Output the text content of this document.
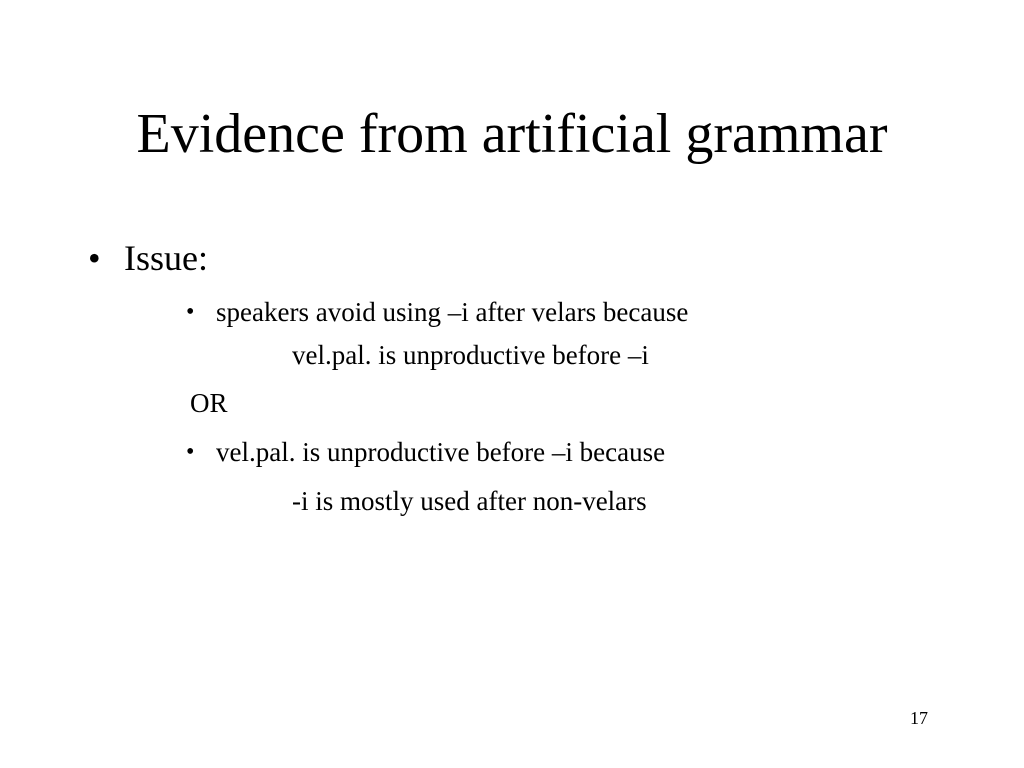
Evidence from artificial grammar
• Issue:
• speakers avoid using –i after velars because
vel.pal. is unproductive before –i
OR
• vel.pal. is unproductive before –i because
-i is mostly used after non-velars
17
